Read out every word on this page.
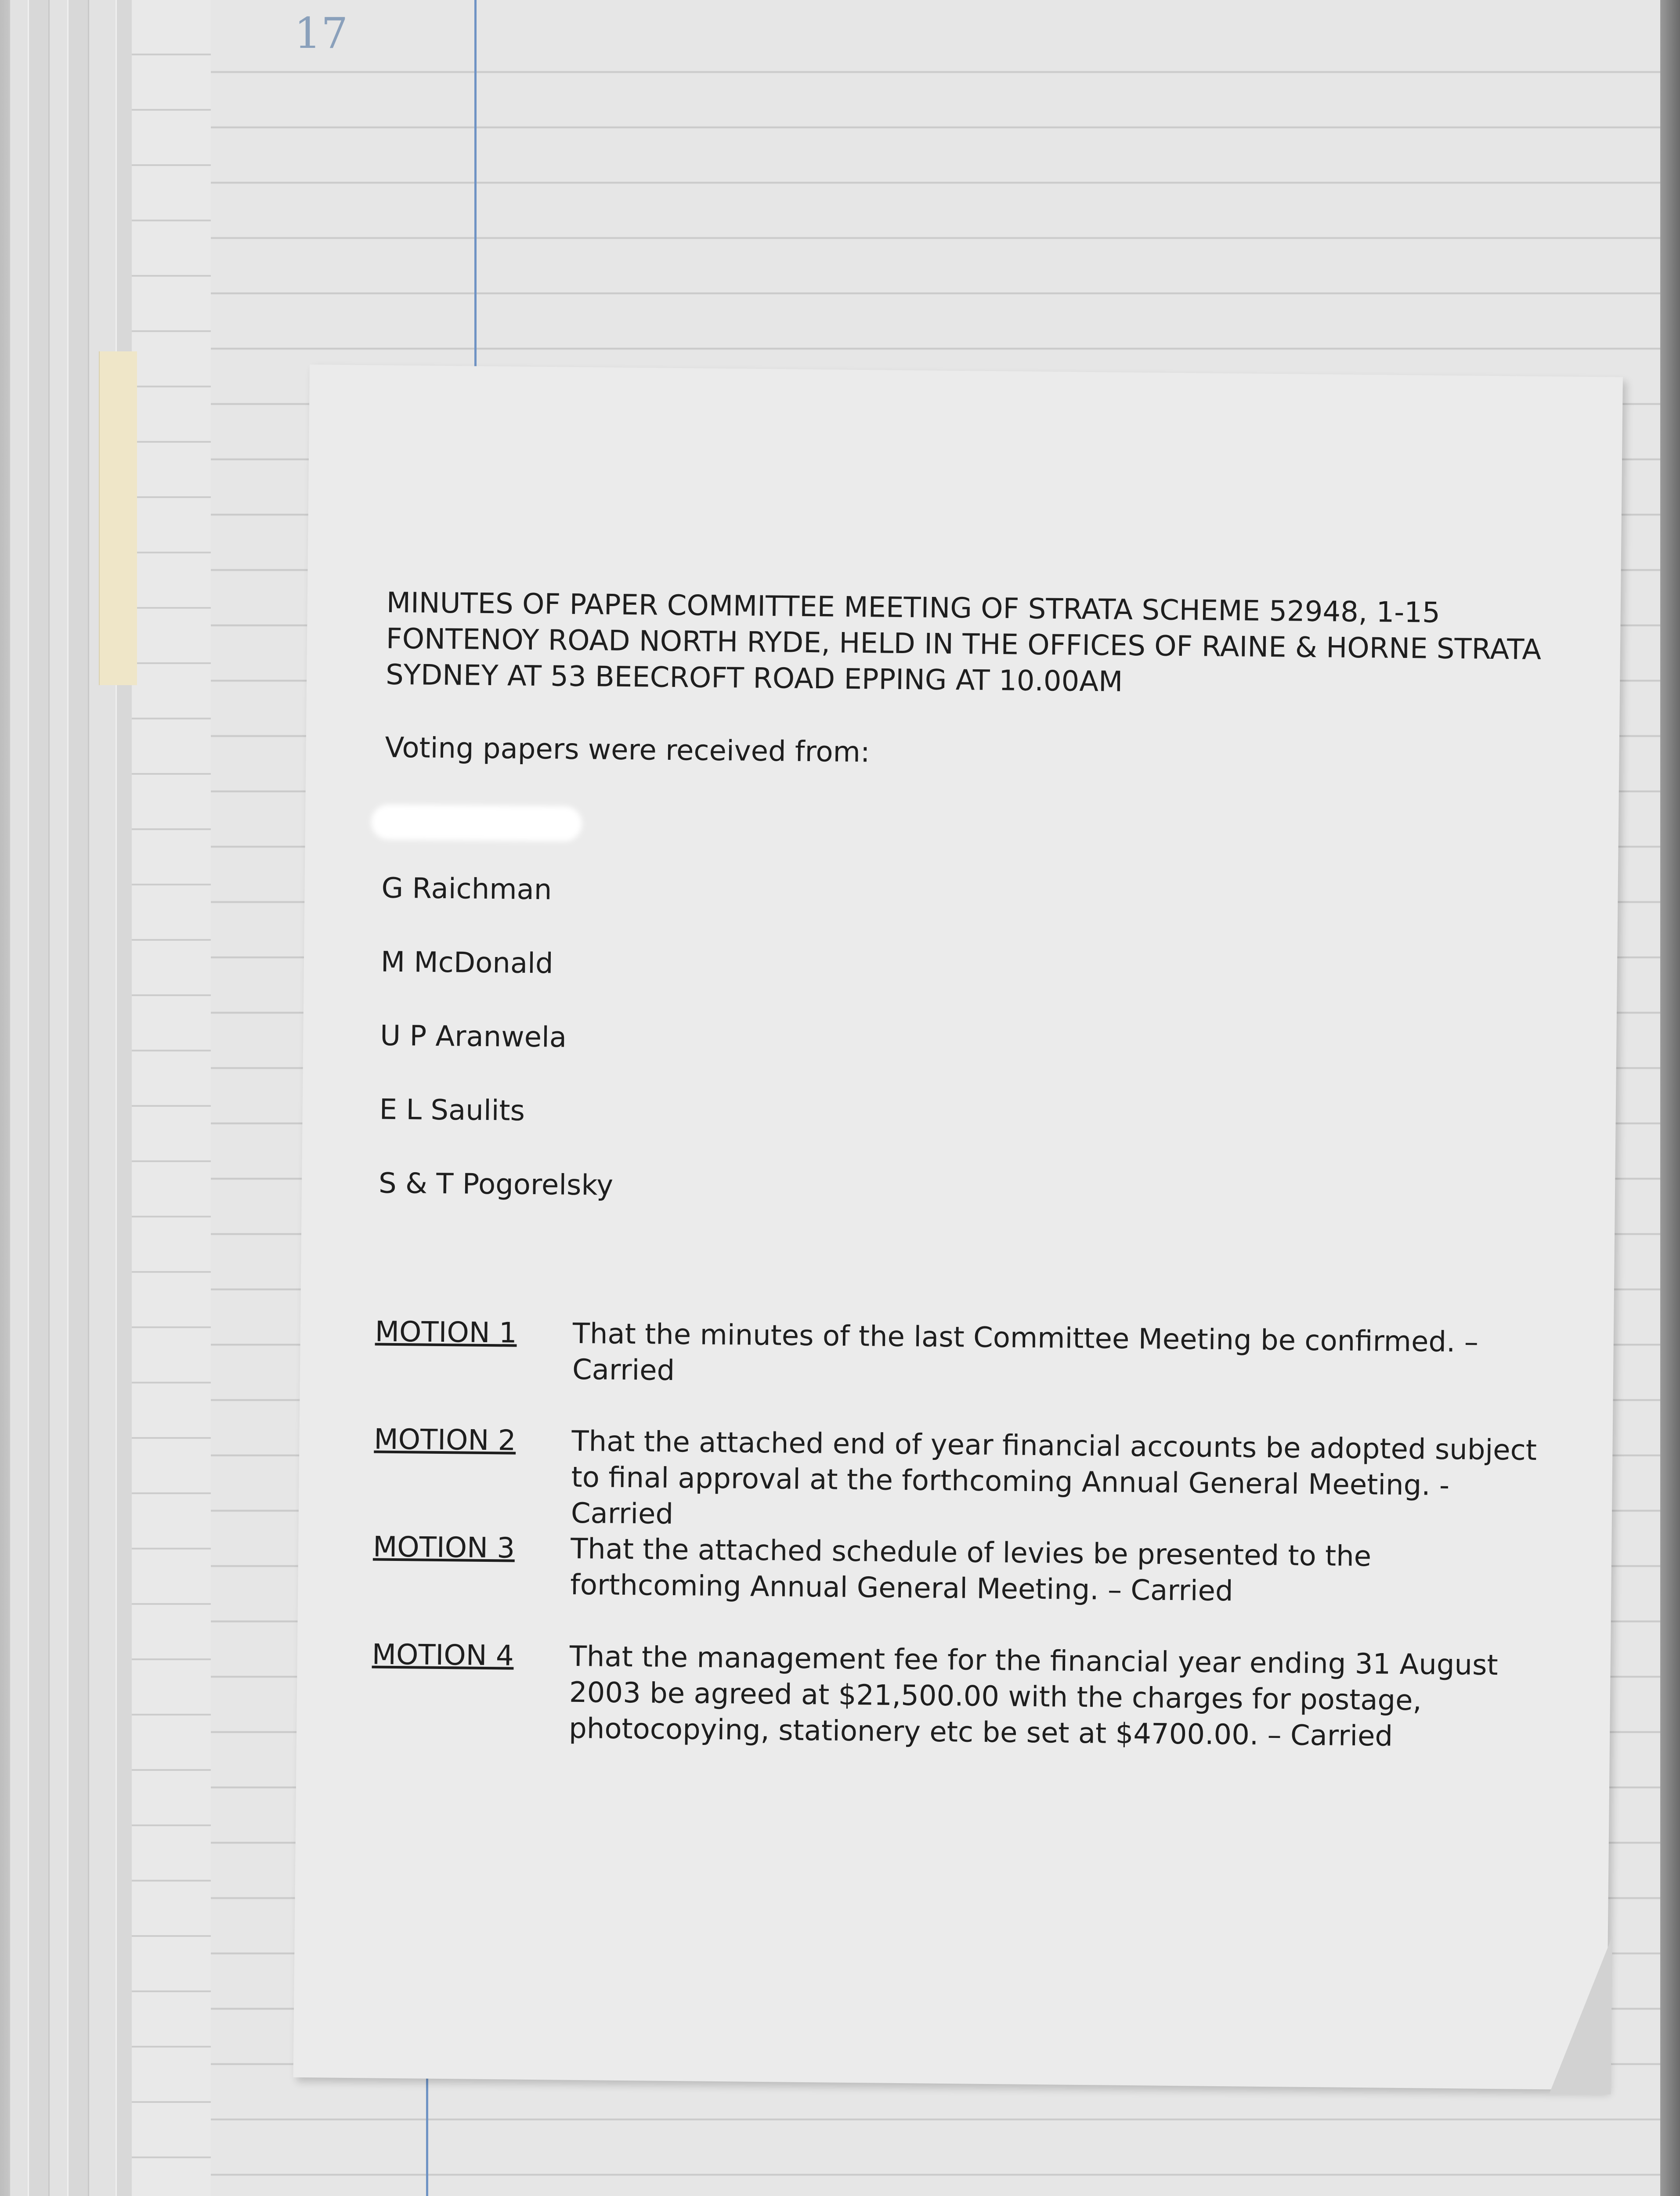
17
MINUTES OF PAPER COMMITTEE MEETING OF STRATA SCHEME 52948, 1-15 FONTENOY ROAD NORTH RYDE, HELD IN THE OFFICES OF RAINE & HORNE STRATA SYDNEY AT 53 BEECROFT ROAD EPPING AT 10.00AM
Voting papers were received from:
G Raichman
M McDonald
U P Aranwela
E L Saulits
S & T Pogorelsky
MOTION 1 That the minutes of the last Committee Meeting be confirmed. – Carried
MOTION 2 That the attached end of year financial accounts be adopted subject to final approval at the forthcoming Annual General Meeting. - Carried
MOTION 3 That the attached schedule of levies be presented to the forthcoming Annual General Meeting. – Carried
MOTION 4 That the management fee for the financial year ending 31 August 2003 be agreed at $21,500.00 with the charges for postage, photocopying, stationery etc be set at $4700.00. – Carried
